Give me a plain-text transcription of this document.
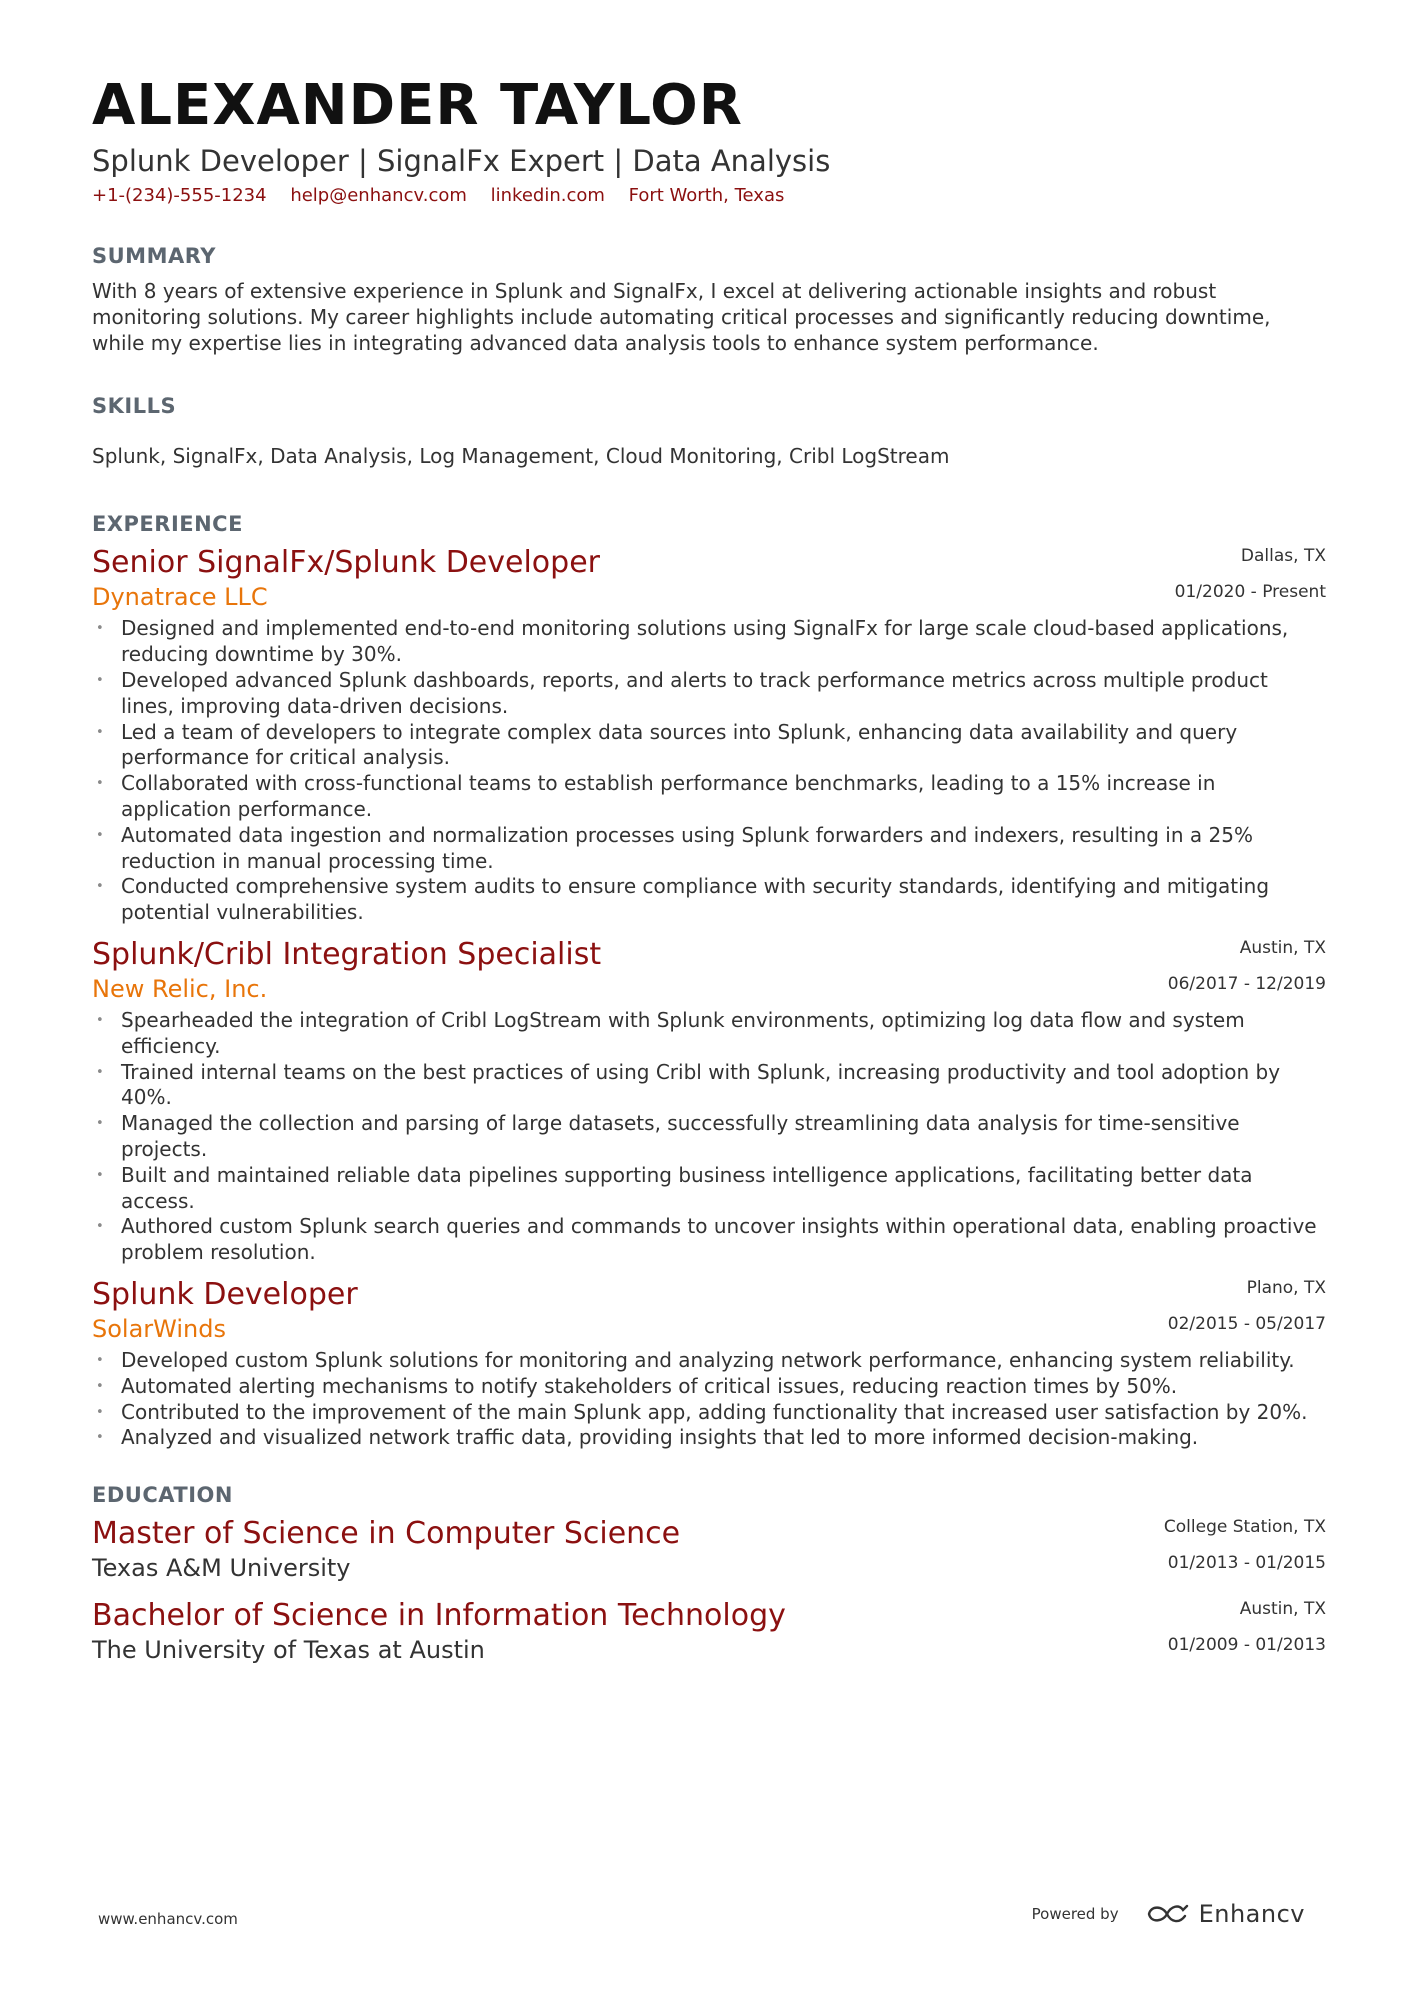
ALEXANDER TAYLOR
Splunk Developer | SignalFx Expert | Data Analysis
+1-(234)-555-1234 help@enhancv.com linkedin.com Fort Worth, Texas
SUMMARY
With 8 years of extensive experience in Splunk and SignalFx, I excel at delivering actionable insights and robust monitoring solutions. My career highlights include automating critical processes and significantly reducing downtime, while my expertise lies in integrating advanced data analysis tools to enhance system performance.
SKILLS
Splunk, SignalFx, Data Analysis, Log Management, Cloud Monitoring, Cribl LogStream
EXPERIENCE
Senior SignalFx/Splunk Developer
Dynatrace LLC
Dallas, TX
01/2020 - Present
• Designed and implemented end-to-end monitoring solutions using SignalFx for large scale cloud-based applications, reducing downtime by 30%.
• Developed advanced Splunk dashboards, reports, and alerts to track performance metrics across multiple product lines, improving data-driven decisions.
• Led a team of developers to integrate complex data sources into Splunk, enhancing data availability and query performance for critical analysis.
• Collaborated with cross-functional teams to establish performance benchmarks, leading to a 15% increase in application performance.
• Automated data ingestion and normalization processes using Splunk forwarders and indexers, resulting in a 25% reduction in manual processing time.
• Conducted comprehensive system audits to ensure compliance with security standards, identifying and mitigating potential vulnerabilities.
Splunk/Cribl Integration Specialist
New Relic, Inc.
Austin, TX
06/2017 - 12/2019
• Spearheaded the integration of Cribl LogStream with Splunk environments, optimizing log data flow and system efficiency.
• Trained internal teams on the best practices of using Cribl with Splunk, increasing productivity and tool adoption by 40%.
• Managed the collection and parsing of large datasets, successfully streamlining data analysis for time-sensitive projects.
• Built and maintained reliable data pipelines supporting business intelligence applications, facilitating better data access.
• Authored custom Splunk search queries and commands to uncover insights within operational data, enabling proactive problem resolution.
Splunk Developer
SolarWinds
Plano, TX
02/2015 - 05/2017
• Developed custom Splunk solutions for monitoring and analyzing network performance, enhancing system reliability.
• Automated alerting mechanisms to notify stakeholders of critical issues, reducing reaction times by 50%.
• Contributed to the improvement of the main Splunk app, adding functionality that increased user satisfaction by 20%.
• Analyzed and visualized network traffic data, providing insights that led to more informed decision-making.
EDUCATION
Master of Science in Computer Science
Texas A&M University
College Station, TX
01/2013 - 01/2015
Bachelor of Science in Information Technology
The University of Texas at Austin
Austin, TX
01/2009 - 01/2013
www.enhancv.com	Powered by	Enhancv
